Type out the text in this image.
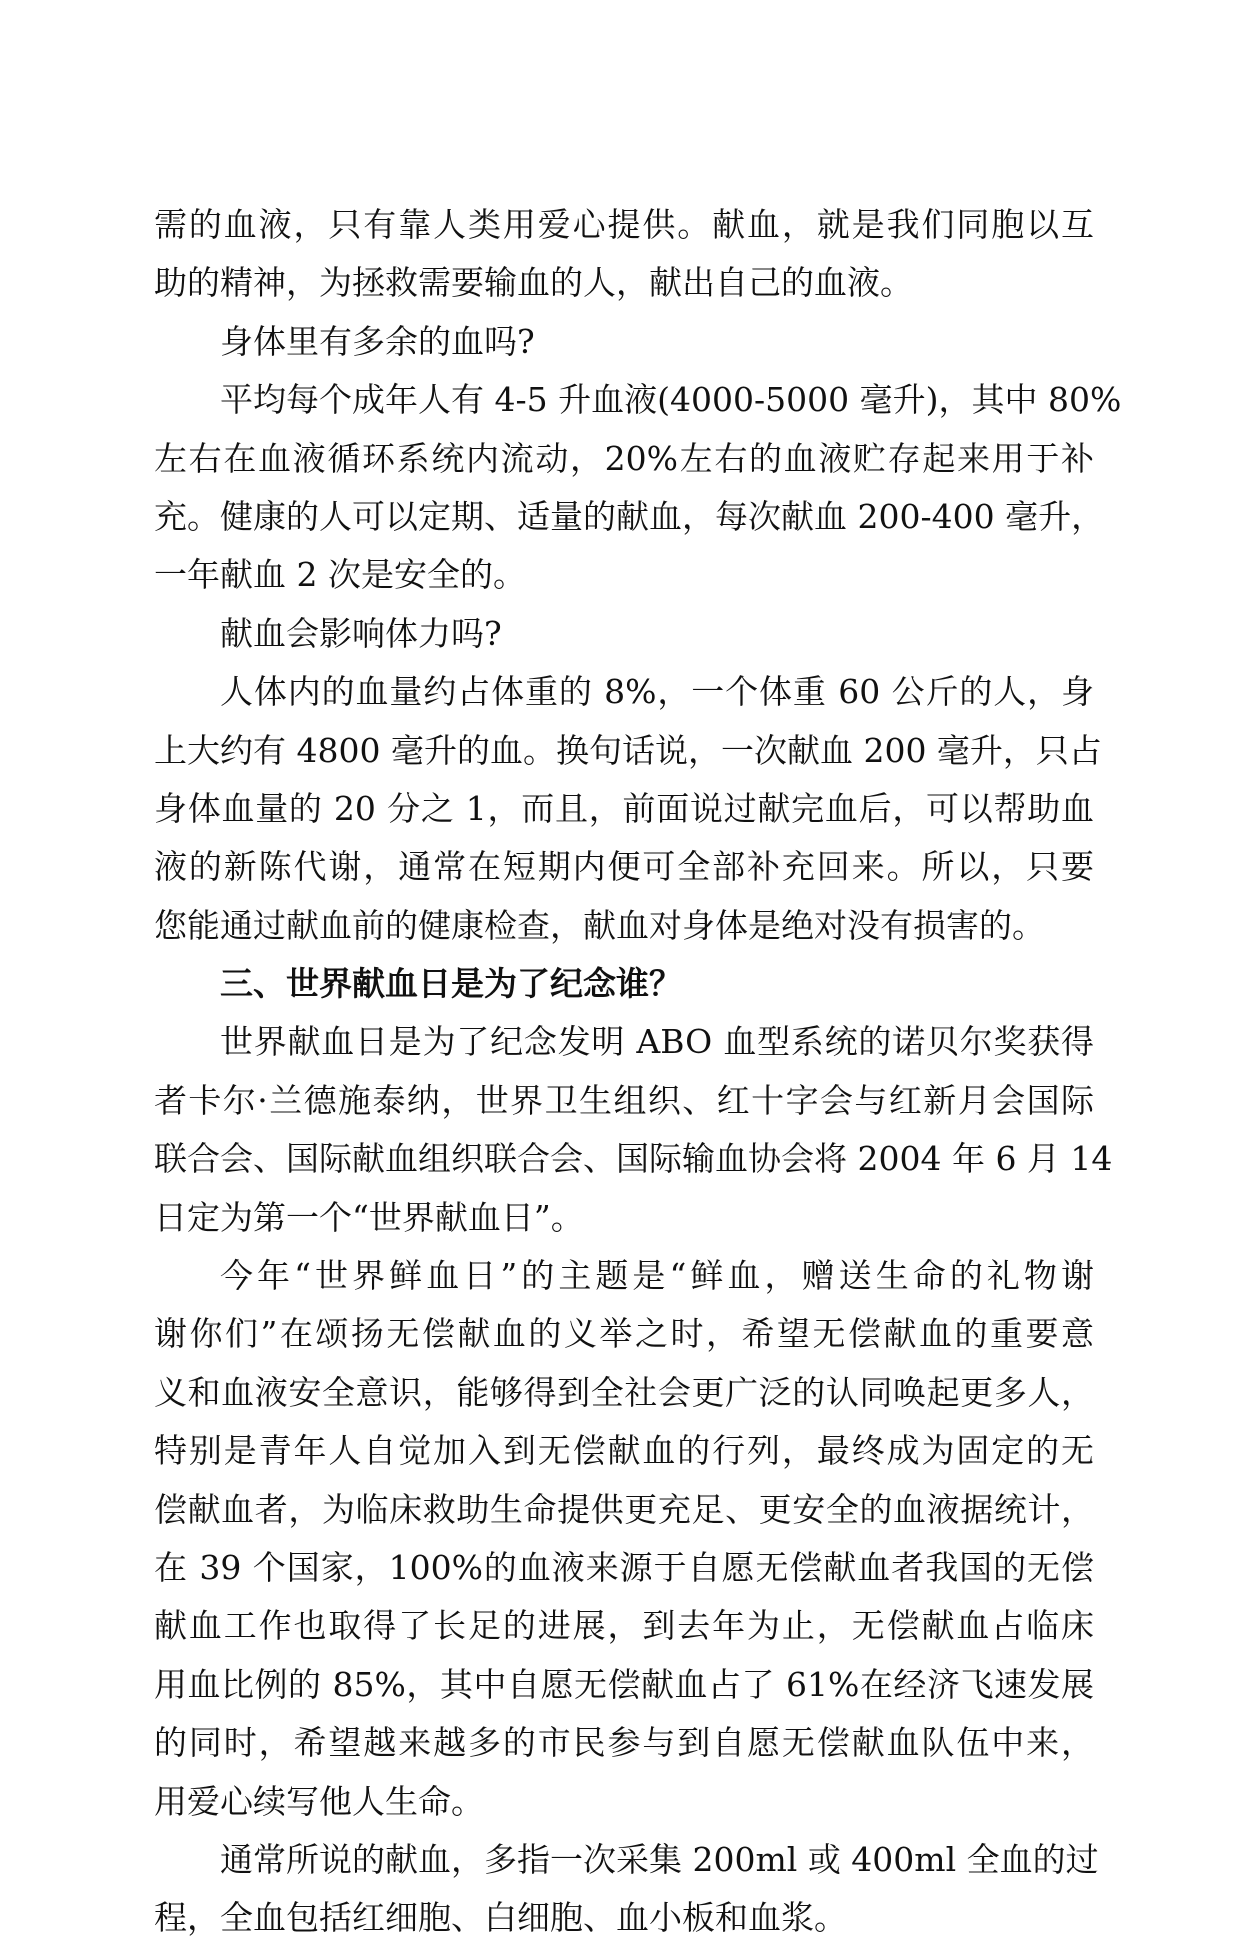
需的血液，只有靠人类用爱心提供。献血，就是我们同胞以互
助的精神，为拯救需要输血的人，献出自己的血液。
身体里有多余的血吗?
平均每个成年人有 4-5 升血液(4000-5000 毫升)，其中 80%
左右在血液循环系统内流动，20%左右的血液贮存起来用于补
充。健康的人可以定期、适量的献血，每次献血 200-400 毫升，
一年献血 2 次是安全的。
献血会影响体力吗?
人体内的血量约占体重的 8%，一个体重 60 公斤的人，身
上大约有 4800 毫升的血。换句话说，一次献血 200 毫升，只占
身体血量的 20 分之 1，而且，前面说过献完血后，可以帮助血
液的新陈代谢，通常在短期内便可全部补充回来。所以，只要
您能通过献血前的健康检查，献血对身体是绝对没有损害的。
三、世界献血日是为了纪念谁？
世界献血日是为了纪念发明 ABO 血型系统的诺贝尔奖获得
者卡尔·兰德施泰纳，世界卫生组织、红十字会与红新月会国际
联合会、国际献血组织联合会、国际输血协会将 2004 年 6 月 14
日定为第一个“世界献血日”。
今年“世界鲜血日”的主题是“鲜血，赠送生命的礼物谢
谢你们”在颂扬无偿献血的义举之时，希望无偿献血的重要意
义和血液安全意识，能够得到全社会更广泛的认同唤起更多人，
特别是青年人自觉加入到无偿献血的行列，最终成为固定的无
偿献血者，为临床救助生命提供更充足、更安全的血液据统计，
在 39 个国家，100%的血液来源于自愿无偿献血者我国的无偿
献血工作也取得了长足的进展，到去年为止，无偿献血占临床
用血比例的 85%，其中自愿无偿献血占了 61%在经济飞速发展
的同时，希望越来越多的市民参与到自愿无偿献血队伍中来，
用爱心续写他人生命。
通常所说的献血，多指一次采集 200ml 或 400ml 全血的过
程，全血包括红细胞、白细胞、血小板和血浆。
